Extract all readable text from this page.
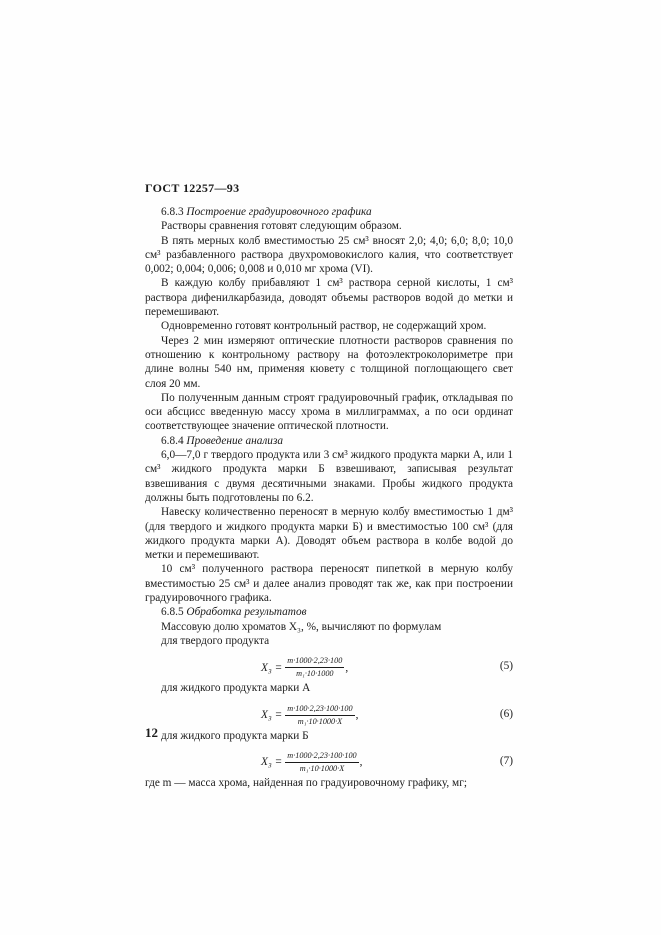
ГОСТ 12257—93

6.8.3 Построение градуировочного графика

Растворы сравнения готовят следующим образом.

В пять мерных колб вместимостью 25 см³ вносят 2,0; 4,0; 6,0; 8,0; 10,0 см³ разбавленного раствора двухромовокислого калия, что соответствует 0,002; 0,004; 0,006; 0,008 и 0,010 мг хрома (VI).

В каждую колбу прибавляют 1 см³ раствора серной кислоты, 1 см³ раствора дифенилкарбазида, доводят объемы растворов водой до метки и перемешивают.

Одновременно готовят контрольный раствор, не содержащий хром.

Через 2 мин измеряют оптические плотности растворов сравнения по отношению к контрольному раствору на фотоэлектроколориметре при длине волны 540 нм, применяя кювету с толщиной поглощающего свет слоя 20 мм.

По полученным данным строят градуировочный график, откладывая по оси абсцисс введенную массу хрома в миллиграммах, а по оси ординат соответствующее значение оптической плотности.

6.8.4 Проведение анализа

6,0—7,0 г твердого продукта или 3 см³ жидкого продукта марки А, или 1 см³ жидкого продукта марки Б взвешивают, записывая результат взвешивания с двумя десятичными знаками. Пробы жидкого продукта должны быть подготовлены по 6.2.

Навеску количественно переносят в мерную колбу вместимостью 1 дм³ (для твердого и жидкого продукта марки Б) и вместимостью 100 см³ (для жидкого продукта марки А). Доводят объем раствора в колбе водой до метки и перемешивают.

10 см³ полученного раствора переносят пипеткой в мерную колбу вместимостью 25 см³ и далее анализ проводят так же, как при построении градуировочного графика.

6.8.5 Обработка результатов

Массовую долю хроматов X₃, %, вычисляют по формулам

для твердого продукта

$X_3 = \frac{m\cdot 1000\cdot 2,23\cdot 100}{\text{m₁·10·1000}}$ ,	(5)

для жидкого продукта марки А

$X_3 = \frac{m\cdot 100\cdot 2,23\cdot 100\cdot 100}{\text{m₁·10·1000·X}}$ ,	(6)

для жидкого продукта марки Б

$X_3 = \frac{m\cdot 1000\cdot 2,23\cdot 100\cdot 100}{\text{m₁·10·1000·X}}$ ,	(7)

где m — масса хрома, найденная по градуировочному графику, мг;

12
